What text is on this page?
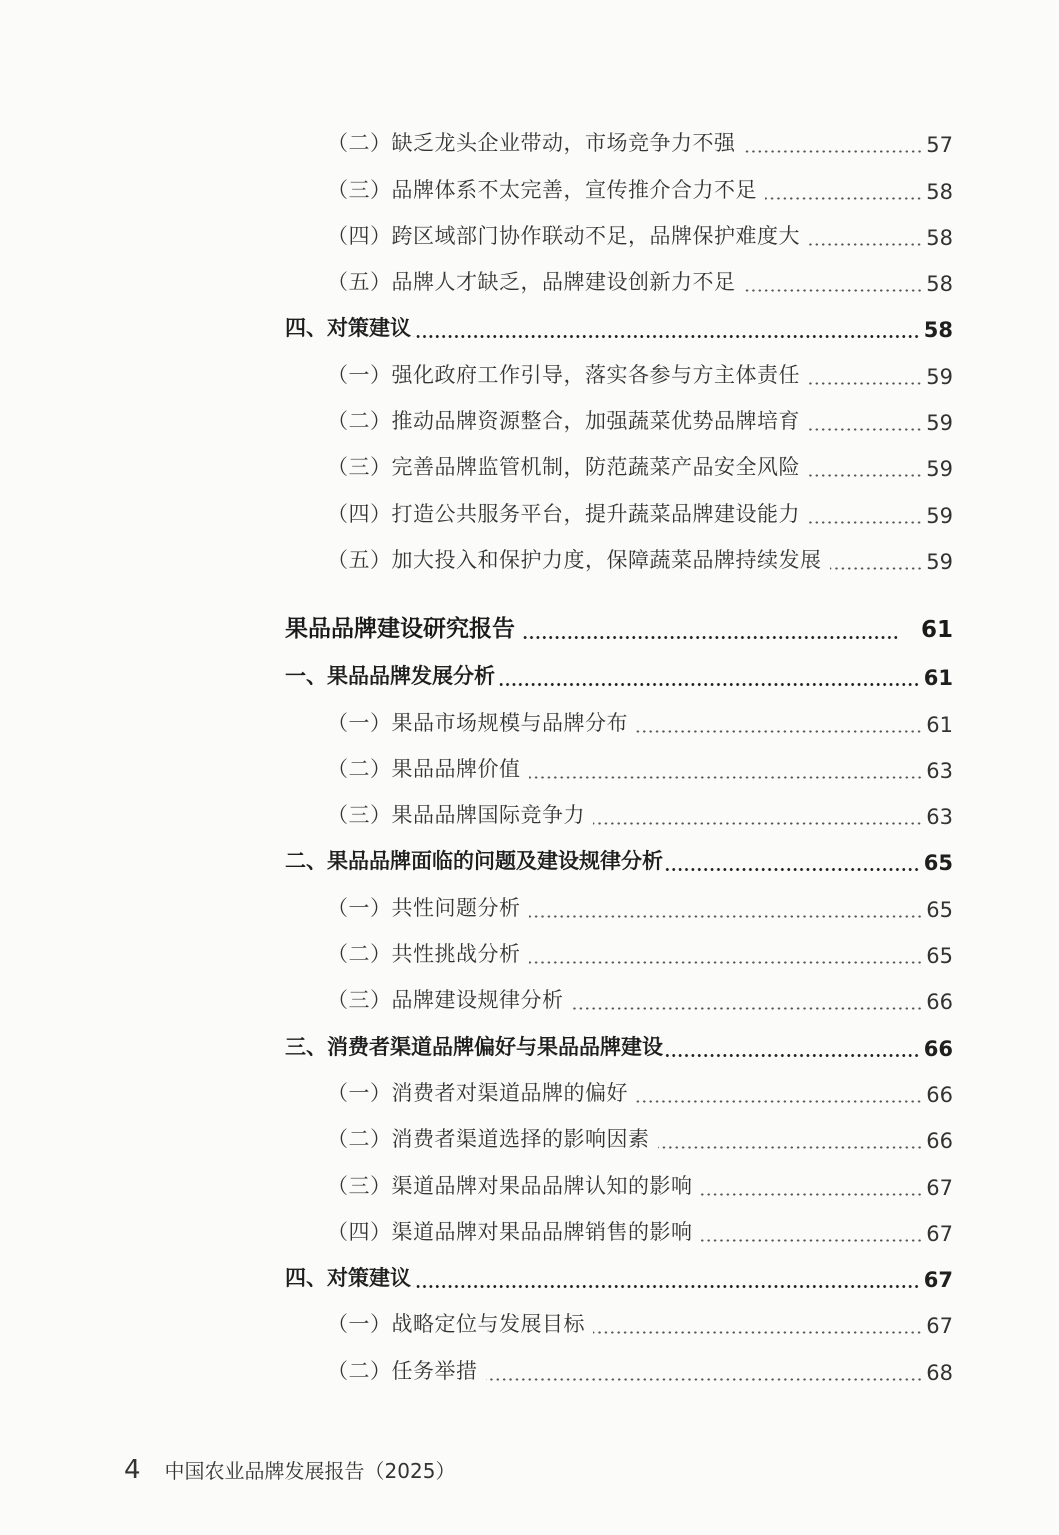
（二）缺乏龙头企业带动，市场竞争力不强	57
（三）品牌体系不太完善，宣传推介合力不足	58
（四）跨区域部门协作联动不足，品牌保护难度大	58
（五）品牌人才缺乏，品牌建设创新力不足	58
四、对策建议	58
（一）强化政府工作引导，落实各参与方主体责任	59
（二）推动品牌资源整合，加强蔬菜优势品牌培育	59
（三）完善品牌监管机制，防范蔬菜产品安全风险	59
（四）打造公共服务平台，提升蔬菜品牌建设能力	59
（五）加大投入和保护力度，保障蔬菜品牌持续发展	59
果品品牌建设研究报告	61
一、果品品牌发展分析	61
（一）果品市场规模与品牌分布	61
（二）果品品牌价值	63
（三）果品品牌国际竞争力	63
二、果品品牌面临的问题及建设规律分析	65
（一）共性问题分析	65
（二）共性挑战分析	65
（三）品牌建设规律分析	66
三、消费者渠道品牌偏好与果品品牌建设	66
（一）消费者对渠道品牌的偏好	66
（二）消费者渠道选择的影响因素	66
（三）渠道品牌对果品品牌认知的影响	67
（四）渠道品牌对果品品牌销售的影响	67
四、对策建议	67
（一）战略定位与发展目标	67
（二）任务举措	68
4 中国农业品牌发展报告（2025）
